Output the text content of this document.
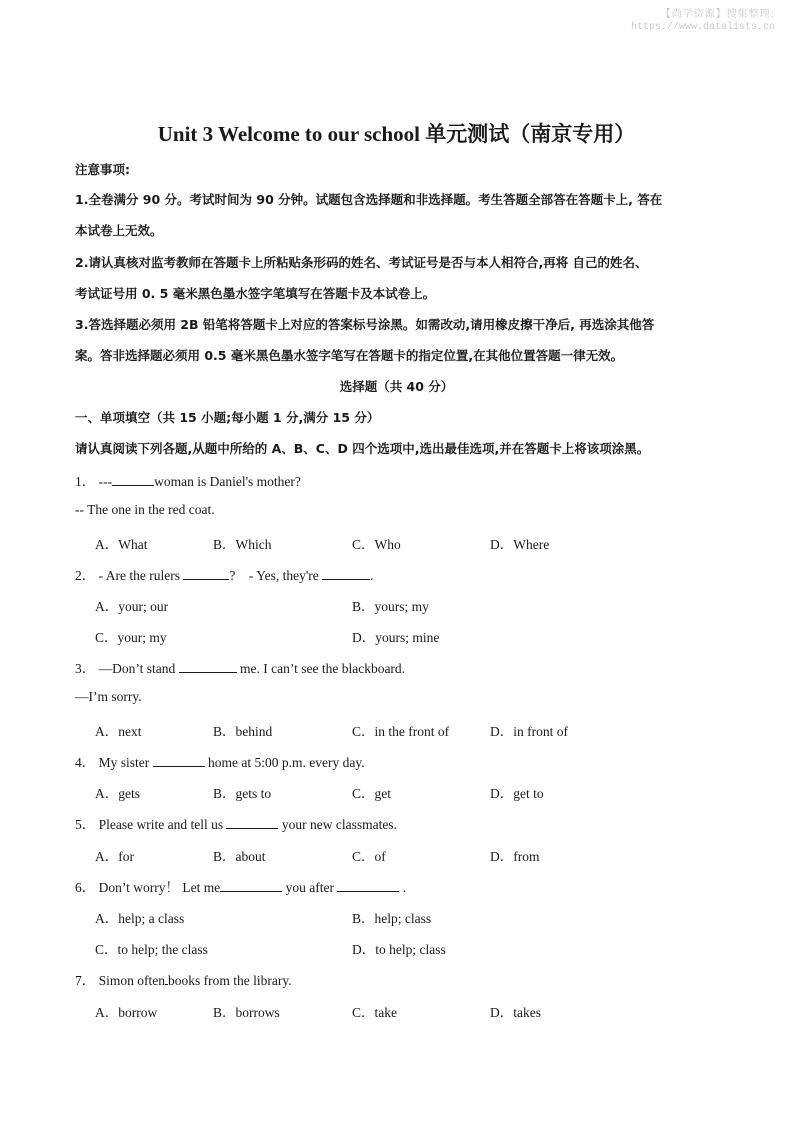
【尚学资源】搜集整理:
https://www.datalists.cn
Unit 3 Welcome to our school 单元测试（南京专用）
注意事项:
1.全卷满分 90 分。考试时间为 90 分钟。试题包含选择题和非选择题。考生答题全部答在答题卡上, 答在
本试卷上无效。
2.请认真核对监考教师在答题卡上所粘贴条形码的姓名、考试证号是否与本人相符合,再将 自己的姓名、
考试证号用 0. 5 毫米黑色墨水签字笔填写在答题卡及本试卷上。
3.答选择题必须用 2B 铅笔将答题卡上对应的答案标号涂黑。如需改动,请用橡皮擦干净后, 再选涂其他答
案。答非选择题必须用 0.5 毫米黑色墨水签字笔写在答题卡的指定位置,在其他位置答题一律无效。
选择题（共 40 分）
一、单项填空（共 15 小题;每小题 1 分,满分 15 分）
请认真阅读下列各题,从题中所给的 A、B、C、D 四个选项中,选出最佳选项,并在答题卡上将该项涂黑。
1． ---	woman is Daniel's mother?
-- The one in the red coat.
A．What	B．Which	C．Who	D．Where
2． - Are the rulers	?    - Yes, they're	.
A．your; our	B．yours; my
C．your; my	D．yours; mine
3． —Don’t stand	me. I can’t see the blackboard.
—I’m sorry.
A．next	B．behind	C．in the front of	D．in front of
4． My sister	home at 5:00 p.m. every day.
A．gets	B．gets to	C．get	D．get to
5． Please write and tell us	your new classmates.
A．for	B．about	C．of	D．from
6． Don’t worry！ Let me	you after	.
A．help; a class	B．help; class
C．to help; the class	D．to help; class
7． Simon often books from the library.
A．borrow	B．borrows	C．take	D．takes
